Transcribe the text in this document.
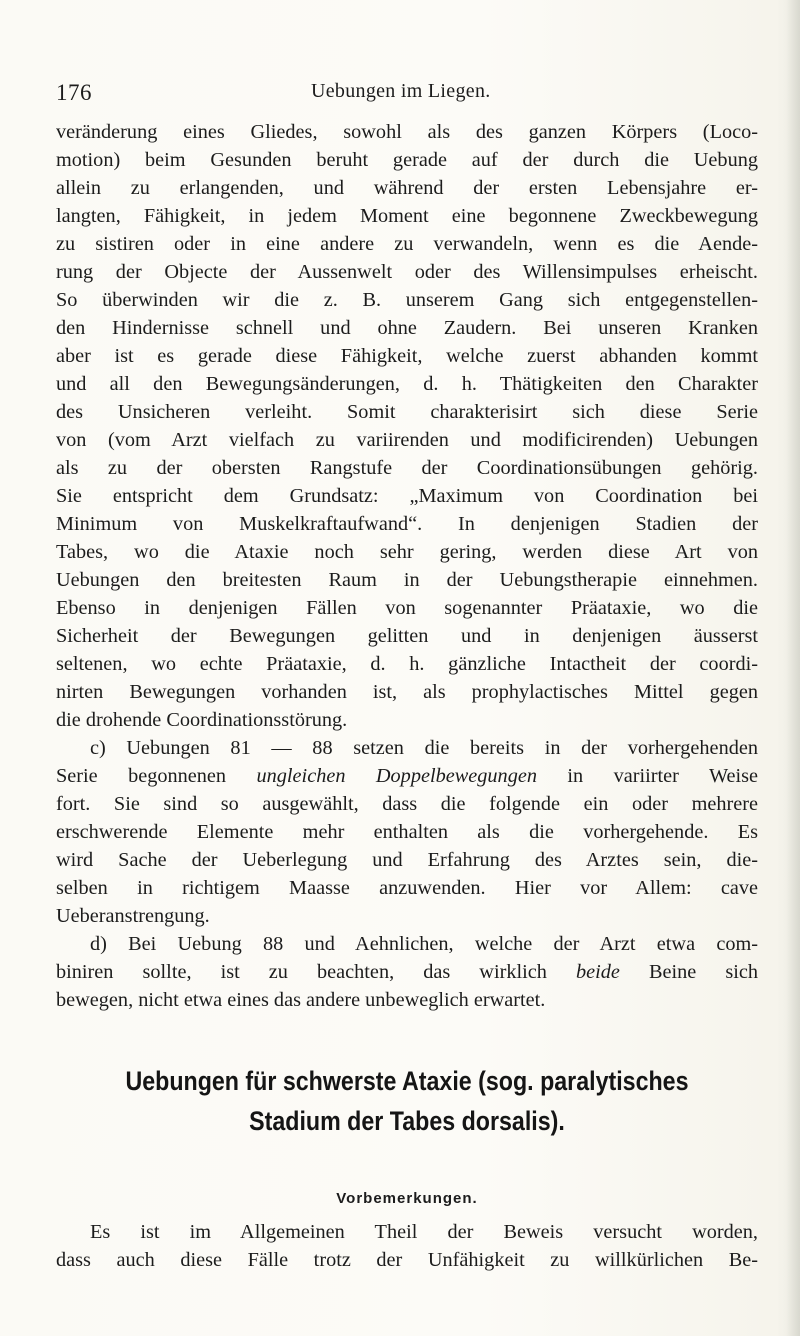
176	Uebungen im Liegen.
veränderung eines Gliedes, sowohl als des ganzen Körpers (Loco-
motion) beim Gesunden beruht gerade auf der durch die Uebung
allein zu erlangenden, und während der ersten Lebensjahre er-
langten, Fähigkeit, in jedem Moment eine begonnene Zweckbewegung
zu sistiren oder in eine andere zu verwandeln, wenn es die Aende-
rung der Objecte der Aussenwelt oder des Willensimpulses erheischt.
So überwinden wir die z. B. unserem Gang sich entgegenstellen-
den Hindernisse schnell und ohne Zaudern. Bei unseren Kranken
aber ist es gerade diese Fähigkeit, welche zuerst abhanden kommt
und all den Bewegungsänderungen, d. h. Thätigkeiten den Charakter
des Unsicheren verleiht. Somit charakterisirt sich diese Serie
von (vom Arzt vielfach zu variirenden und modificirenden) Uebungen
als zu der obersten Rangstufe der Coordinationsübungen gehörig.
Sie entspricht dem Grundsatz: „Maximum von Coordination bei
Minimum von Muskelkraftaufwand“. In denjenigen Stadien der
Tabes, wo die Ataxie noch sehr gering, werden diese Art von
Uebungen den breitesten Raum in der Uebungstherapie einnehmen.
Ebenso in denjenigen Fällen von sogenannter Präataxie, wo die
Sicherheit der Bewegungen gelitten und in denjenigen äusserst
seltenen, wo echte Präataxie, d. h. gänzliche Intactheit der coordi-
nirten Bewegungen vorhanden ist, als prophylactisches Mittel gegen
die drohende Coordinationsstörung.
c) Uebungen 81 — 88 setzen die bereits in der vorhergehenden
Serie begonnenen ungleichen Doppelbewegungen in variirter Weise
fort. Sie sind so ausgewählt, dass die folgende ein oder mehrere
erschwerende Elemente mehr enthalten als die vorhergehende. Es
wird Sache der Ueberlegung und Erfahrung des Arztes sein, die-
selben in richtigem Maasse anzuwenden. Hier vor Allem: cave
Ueberanstrengung.
d) Bei Uebung 88 und Aehnlichen, welche der Arzt etwa com-
biniren sollte, ist zu beachten, das wirklich beide Beine sich
bewegen, nicht etwa eines das andere unbeweglich erwartet.
Uebungen für schwerste Ataxie (sog. paralytisches
Stadium der Tabes dorsalis).
Vorbemerkungen.
Es ist im Allgemeinen Theil der Beweis versucht worden,
dass auch diese Fälle trotz der Unfähigkeit zu willkürlichen Be-
